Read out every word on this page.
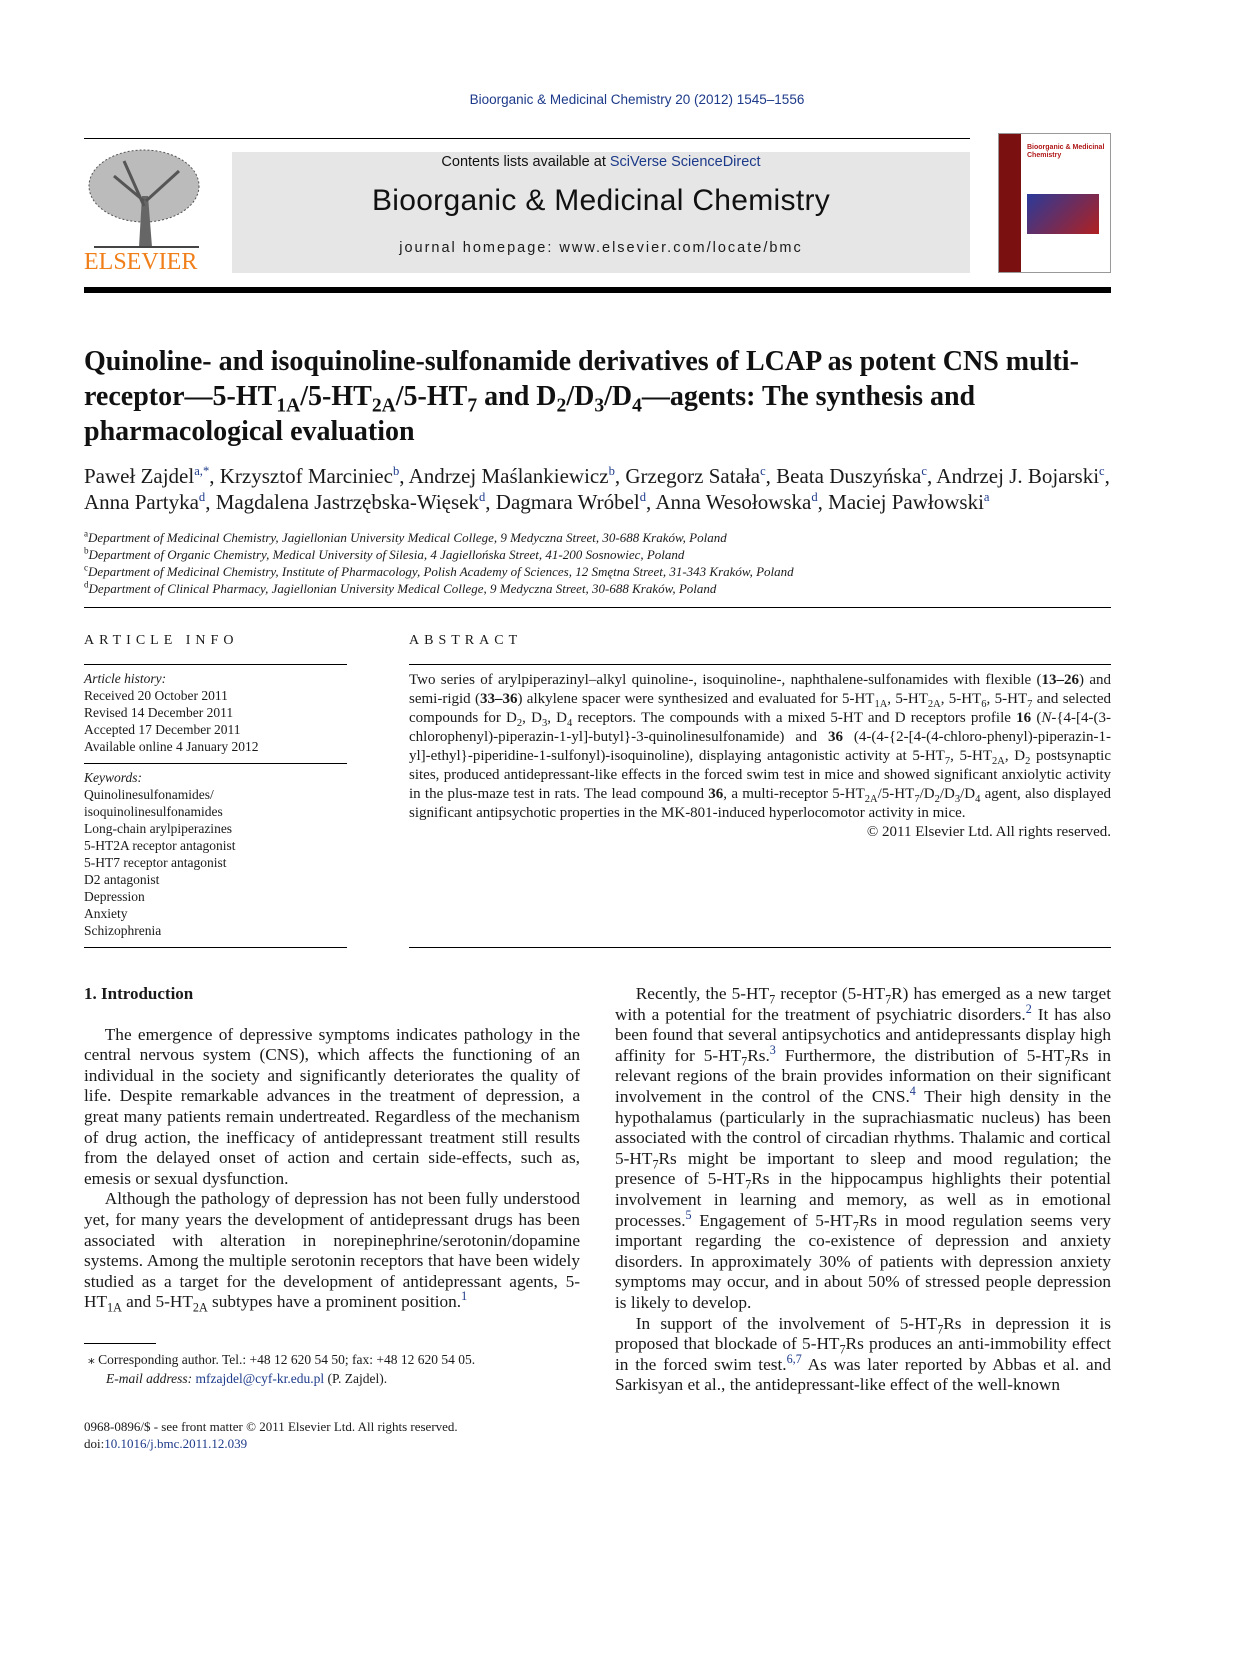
Bioorganic & Medicinal Chemistry 20 (2012) 1545–1556
ELSEVIER
Contents lists available at SciVerse ScienceDirect
Bioorganic & Medicinal Chemistry
journal homepage: www.elsevier.com/locate/bmc
Bioorganic & Medicinal Chemistry
Quinoline- and isoquinoline-sulfonamide derivatives of LCAP as potent CNS multi-$receptor—5-HT_{1A}/5-HT_{2A}/5-HT_7$ and $D_2/D_3/D_4—agents$: The synthesis and pharmacological evaluation
Paweł Zajdel$^{a,*}$, Krzysztof Marciniec$^b$, Andrzej Maślankiewicz$^b$, Grzegorz Satała$^c$, Beata Duszyńska$^c$, Andrzej J. Bojarski$^c$, Anna Partyka$^d$, Magdalena Jastrzębska-Więsek$^d$, Dagmara Wróbel$^d$, Anna Wesołowska$^d$, Maciej Pawłowski$^a$
$^a$Department of Medicinal Chemistry, Jagiellonian University Medical College, 9 Medyczna Street, 30-688 Kraków, Poland
$^b$Department of Organic Chemistry, Medical University of Silesia, 4 Jagiellońska Street, 41-200 Sosnowiec, Poland
$^c$Department of Medicinal Chemistry, Institute of Pharmacology, Polish Academy of Sciences, 12 Smętna Street, 31-343 Kraków, Poland
$^d$Department of Clinical Pharmacy, Jagiellonian University Medical College, 9 Medyczna Street, 30-688 Kraków, Poland
ARTICLE INFO
Article history:
Received 20 October 2011
Revised 14 December 2011
Accepted 17 December 2011
Available online 4 January 2012
Keywords:
Quinolinesulfonamides/
isoquinolinesulfonamides
Long-chain arylpiperazines
5-HT2A receptor antagonist
5-HT7 receptor antagonist
D2 antagonist
Depression
Anxiety
Schizophrenia
ABSTRACT
Two series of arylpiperazinyl–alkyl quinoline-, isoquinoline-, naphthalene-sulfonamides with flexible (13–26) and semi-rigid (33–36) alkylene spacer were synthesized and evaluated for $5-HT_{1A}$, $5-HT_{2A}$, $5-HT_6$, $5-HT_7$ and selected compounds for $D_2$, $D_3$, $D_4$ receptors. The compounds with a mixed 5-HT and D receptors profile 16 (N-{4-[4-(3-chlorophenyl)-piperazin-1-yl]-butyl}-3-quinolinesulfonamide) and 36 (4-(4-{2-[4-(4-chloro-phenyl)-piperazin-1-yl]-ethyl}-piperidine-1-sulfonyl)-isoquinoline), displaying antagonistic activity at $5-HT_7$, $5-HT_{2A}$, $D_2$ postsynaptic sites, produced antidepressant-like effects in the forced swim test in mice and showed significant anxiolytic activity in the plus-maze test in rats. The lead compound 36, a multi-receptor $5-HT_{2A}/5-HT_7/D_2/D_3/D_4$ agent, also displayed significant antipsychotic properties in the MK-801-induced hyperlocomotor activity in mice.
© 2011 Elsevier Ltd. All rights reserved.

1. Introduction

The emergence of depressive symptoms indicates pathology in the central nervous system (CNS), which affects the functioning of an individual in the society and significantly deteriorates the quality of life. Despite remarkable advances in the treatment of depression, a great many patients remain undertreated. Regardless of the mechanism of drug action, the inefficacy of antidepressant treatment still results from the delayed onset of action and certain side-effects, such as, emesis or sexual dysfunction.

Although the pathology of depression has not been fully understood yet, for many years the development of antidepressant drugs has been associated with alteration in norepinephrine/serotonin/dopamine systems. Among the multiple serotonin receptors that have been widely studied as a target for the development of antidepressant agents, $5-HT_{1A}$ and $5-HT_{2A}$ subtypes have a prominent position.$^1$

⁎ Corresponding author. Tel.: +48 12 620 54 50; fax: +48 12 620 54 05.
E-mail address: mfzajdel@cyf-kr.edu.pl (P. Zajdel).
0968-0896/$ - see front matter © 2011 Elsevier Ltd. All rights reserved.
doi:10.1016/j.bmc.2011.12.039

Recently, the $5-HT_7$ receptor $(5-HT_7R)$ has emerged as a new target with a potential for the treatment of psychiatric disorders.$^2$ It has also been found that several antipsychotics and antidepressants display high affinity for $5-HT_7Rs.^3$ Furthermore, the distribution of $5-HT_7Rs$ in relevant regions of the brain provides information on their significant involvement in the control of the CNS.$^4$ Their high density in the hypothalamus (particularly in the suprachiasmatic nucleus) has been associated with the control of circadian rhythms. Thalamic and cortical $5-HT_7Rs$ might be important to sleep and mood regulation; the presence of $5-HT_7Rs$ in the hippocampus highlights their potential involvement in learning and memory, as well as in emotional processes.$^5$ Engagement of $5-HT_7Rs$ in mood regulation seems very important regarding the co-existence of depression and anxiety disorders. In approximately 30% of patients with depression anxiety symptoms may occur, and in about 50% of stressed people depression is likely to develop.

In support of the involvement of $5-HT_7Rs$ in depression it is proposed that blockade of $5-HT_7Rs$ produces an anti-immobility effect in the forced swim test.$^{6,7}$ As was later reported by Abbas et al. and Sarkisyan et al., the antidepressant-like effect of the well-known
